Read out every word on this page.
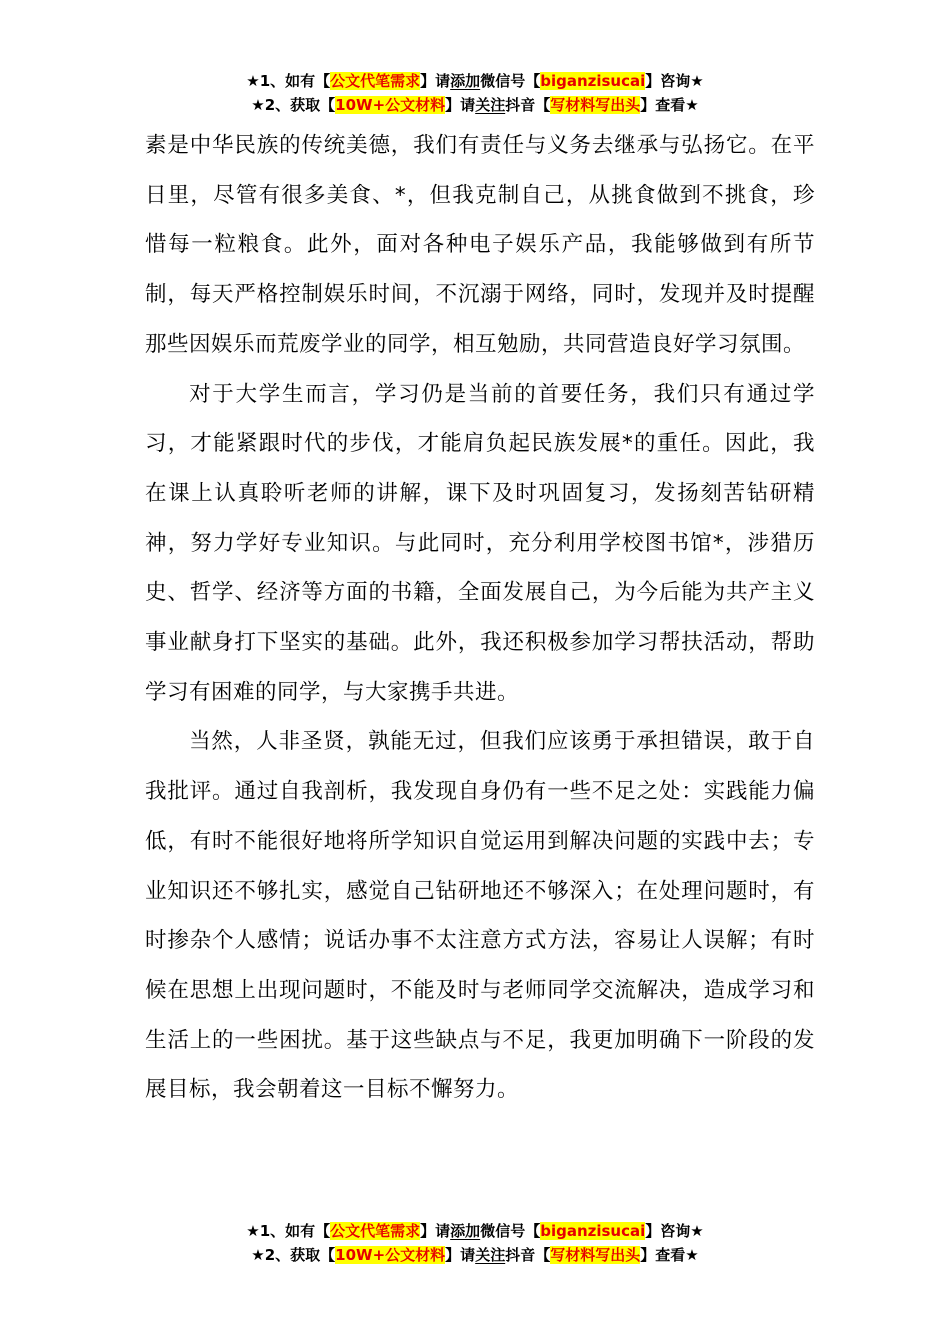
★1、如有【公文代笔需求】请添加微信号【biganzisucai】咨询★
★2、获取【10W+公文材料】请关注抖音【写材料写出头】查看★

素是中华民族的传统美德，我们有责任与义务去继承与弘扬它。在平日里，尽管有很多美食、*，但我克制自己，从挑食做到不挑食，珍惜每一粒粮食。此外，面对各种电子娱乐产品，我能够做到有所节制，每天严格控制娱乐时间，不沉溺于网络，同时，发现并及时提醒那些因娱乐而荒废学业的同学，相互勉励，共同营造良好学习氛围。

对于大学生而言，学习仍是当前的首要任务，我们只有通过学习，才能紧跟时代的步伐，才能肩负起民族发展*的重任。因此，我在课上认真聆听老师的讲解，课下及时巩固复习，发扬刻苦钻研精神，努力学好专业知识。与此同时，充分利用学校图书馆*，涉猎历史、哲学、经济等方面的书籍，全面发展自己，为今后能为共产主义事业献身打下坚实的基础。此外，我还积极参加学习帮扶活动，帮助学习有困难的同学，与大家携手共进。

当然，人非圣贤，孰能无过，但我们应该勇于承担错误，敢于自我批评。通过自我剖析，我发现自身仍有一些不足之处：实践能力偏低，有时不能很好地将所学知识自觉运用到解决问题的实践中去；专业知识还不够扎实，感觉自己钻研地还不够深入；在处理问题时，有时掺杂个人感情；说话办事不太注意方式方法，容易让人误解；有时候在思想上出现问题时，不能及时与老师同学交流解决，造成学习和生活上的一些困扰。基于这些缺点与不足，我更加明确下一阶段的发展目标，我会朝着这一目标不懈努力。

★1、如有【公文代笔需求】请添加微信号【biganzisucai】咨询★
★2、获取【10W+公文材料】请关注抖音【写材料写出头】查看★
